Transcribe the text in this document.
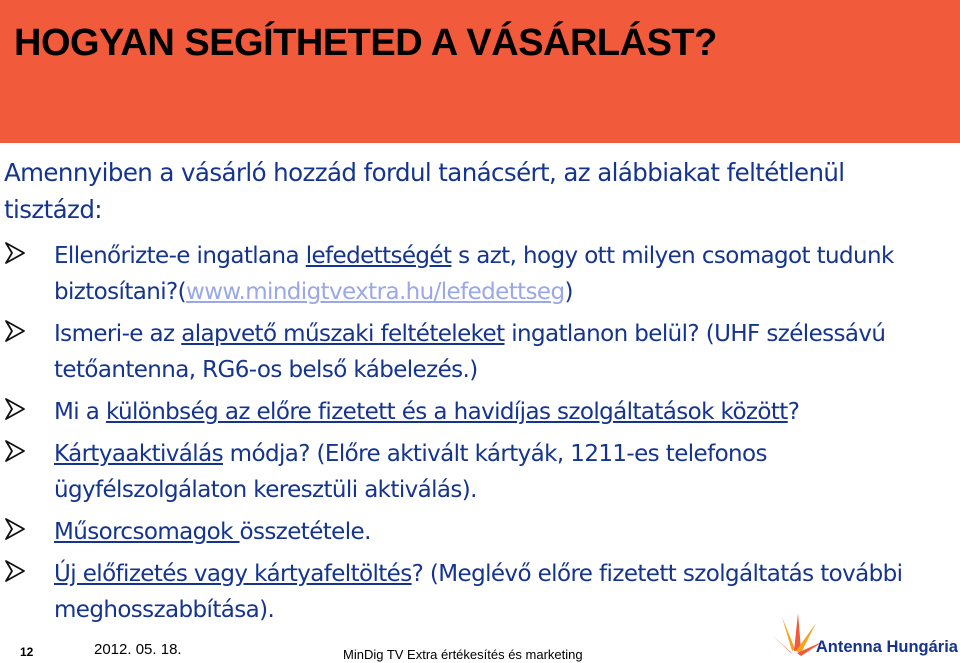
HOGYAN SEGÍTHETED A VÁSÁRLÁST?
Amennyiben a vásárló hozzád fordul tanácsért, az alábbiakat feltétlenül tisztázd:
Ellenőrizte-e ingatlana lefedettségét s azt, hogy ott milyen csomagot tudunk biztosítani?(www.mindigtvextra.hu/lefedettseg)
Ismeri-e az alapvető műszaki feltételeket ingatlanon belül? (UHF szélessávú tetőantenna, RG6-os belső kábelezés.)
Mi a különbség az előre fizetett és a havidíjas szolgáltatások között?
Kártyaaktiválás módja? (Előre aktivált kártyák, 1211-es telefonos ügyfélszolgálaton keresztüli aktiválás).
Műsorcsomagok összetétele.
Új előfizetés vagy kártyafeltöltés? (Meglévő előre fizetett szolgáltatás további meghosszabbítása).
12	2012. 05. 18.	MinDig TV Extra értékesítés és marketing	Antenna Hungária
